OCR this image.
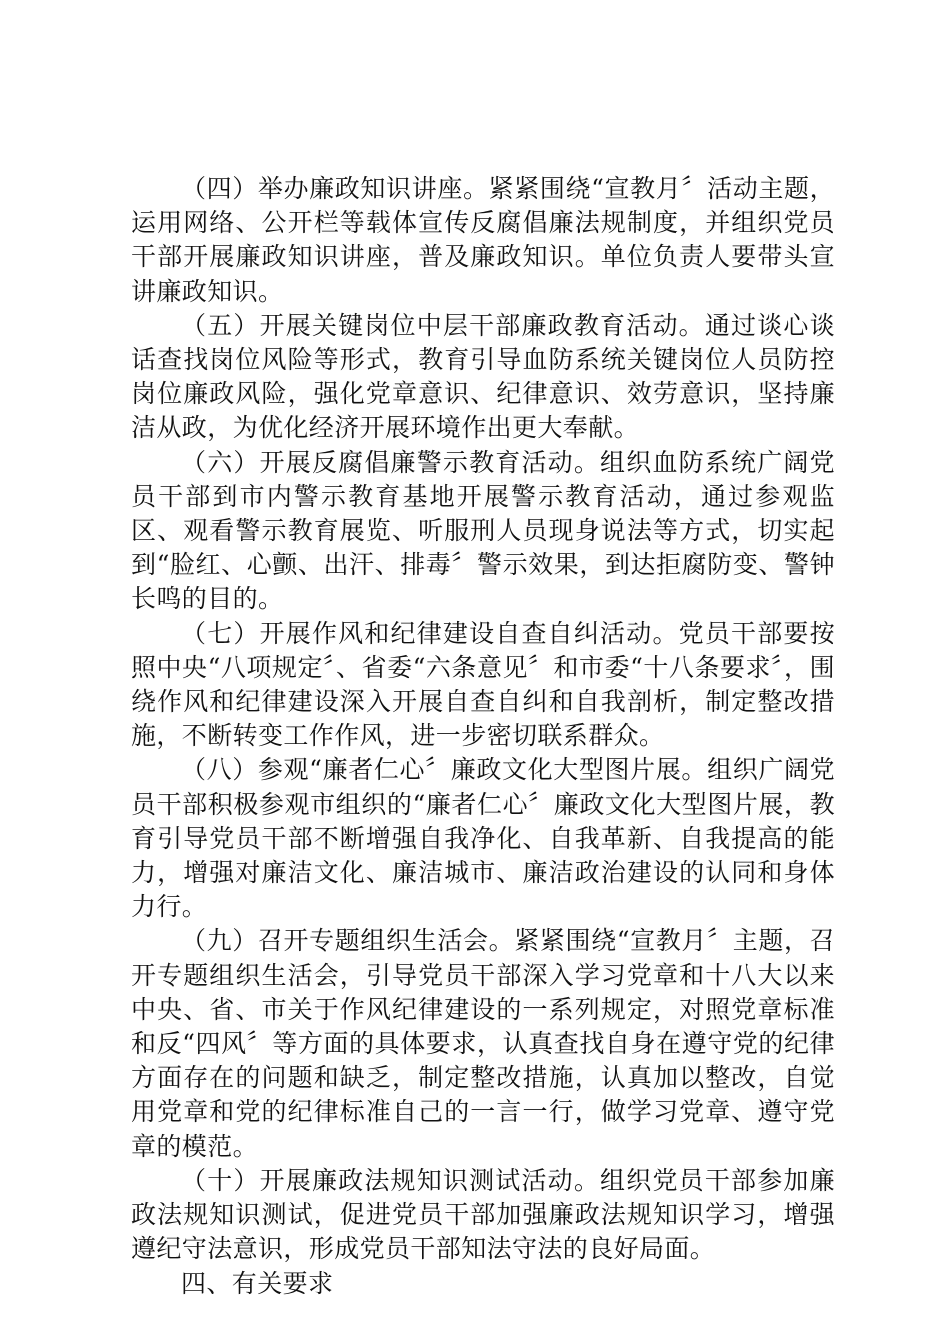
（四）举办廉政知识讲座。紧紧围绕“宣教月〞活动主题，运用网络、公开栏等载体宣传反腐倡廉法规制度，并组织党员干部开展廉政知识讲座，普及廉政知识。单位负责人要带头宣讲廉政知识。

（五）开展关键岗位中层干部廉政教育活动。通过谈心谈话查找岗位风险等形式，教育引导血防系统关键岗位人员防控岗位廉政风险，强化党章意识、纪律意识、效劳意识，坚持廉洁从政，为优化经济开展环境作出更大奉献。

（六）开展反腐倡廉警示教育活动。组织血防系统广阔党员干部到市内警示教育基地开展警示教育活动，通过参观监区、观看警示教育展览、听服刑人员现身说法等方式，切实起到“脸红、心颤、出汗、排毒〞警示效果，到达拒腐防变、警钟长鸣的目的。

（七）开展作风和纪律建设自查自纠活动。党员干部要按照中央“八项规定〞、省委“六条意见〞和市委“十八条要求〞，围绕作风和纪律建设深入开展自查自纠和自我剖析，制定整改措施，不断转变工作作风，进一步密切联系群众。

（八）参观“廉者仁心〞廉政文化大型图片展。组织广阔党员干部积极参观市组织的“廉者仁心〞廉政文化大型图片展，教育引导党员干部不断增强自我净化、自我革新、自我提高的能力，增强对廉洁文化、廉洁城市、廉洁政治建设的认同和身体力行。

（九）召开专题组织生活会。紧紧围绕“宣教月〞主题，召开专题组织生活会，引导党员干部深入学习党章和十八大以来中央、省、市关于作风纪律建设的一系列规定，对照党章标准和反“四风〞等方面的具体要求，认真查找自身在遵守党的纪律方面存在的问题和缺乏，制定整改措施，认真加以整改，自觉用党章和党的纪律标准自己的一言一行，做学习党章、遵守党章的模范。

（十）开展廉政法规知识测试活动。组织党员干部参加廉政法规知识测试，促进党员干部加强廉政法规知识学习，增强遵纪守法意识，形成党员干部知法守法的良好局面。

四、有关要求
